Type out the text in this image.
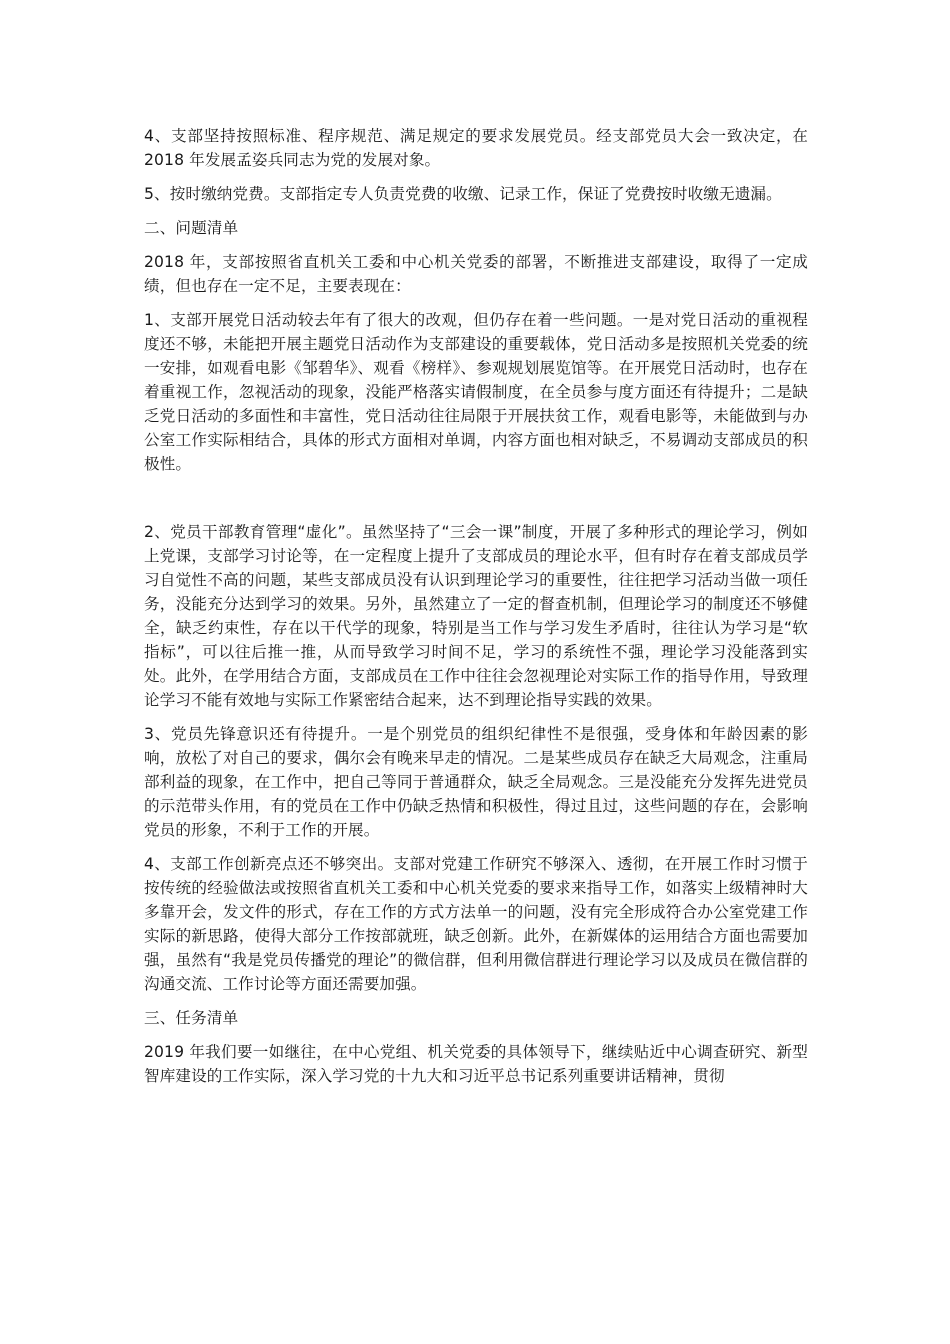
4、支部坚持按照标准、程序规范、满足规定的要求发展党员。经支部党员大会一致决定，在 2018 年发展孟姿兵同志为党的发展对象。

5、按时缴纳党费。支部指定专人负责党费的收缴、记录工作，保证了党费按时收缴无遗漏。

二、问题清单

2018 年，支部按照省直机关工委和中心机关党委的部署，不断推进支部建设，取得了一定成绩，但也存在一定不足，主要表现在：

1、支部开展党日活动较去年有了很大的改观，但仍存在着一些问题。一是对党日活动的重视程度还不够，未能把开展主题党日活动作为支部建设的重要载体，党日活动多是按照机关党委的统一安排，如观看电影《邹碧华》、观看《榜样》、参观规划展览馆等。在开展党日活动时，也存在着重视工作，忽视活动的现象，没能严格落实请假制度，在全员参与度方面还有待提升；二是缺乏党日活动的多面性和丰富性，党日活动往往局限于开展扶贫工作，观看电影等，未能做到与办公室工作实际相结合，具体的形式方面相对单调，内容方面也相对缺乏，不易调动支部成员的积极性。

2、党员干部教育管理“虚化”。虽然坚持了“三会一课”制度，开展了多种形式的理论学习，例如上党课，支部学习讨论等，在一定程度上提升了支部成员的理论水平，但有时存在着支部成员学习自觉性不高的问题，某些支部成员没有认识到理论学习的重要性，往往把学习活动当做一项任务，没能充分达到学习的效果。另外，虽然建立了一定的督查机制，但理论学习的制度还不够健全，缺乏约束性，存在以干代学的现象，特别是当工作与学习发生矛盾时，往往认为学习是“软指标”，可以往后推一推，从而导致学习时间不足，学习的系统性不强，理论学习没能落到实处。此外，在学用结合方面，支部成员在工作中往往会忽视理论对实际工作的指导作用，导致理论学习不能有效地与实际工作紧密结合起来，达不到理论指导实践的效果。

3、党员先锋意识还有待提升。一是个别党员的组织纪律性不是很强，受身体和年龄因素的影响，放松了对自己的要求，偶尔会有晚来早走的情况。二是某些成员存在缺乏大局观念，注重局部利益的现象，在工作中，把自己等同于普通群众，缺乏全局观念。三是没能充分发挥先进党员的示范带头作用，有的党员在工作中仍缺乏热情和积极性，得过且过，这些问题的存在，会影响党员的形象，不利于工作的开展。

4、支部工作创新亮点还不够突出。支部对党建工作研究不够深入、透彻，在开展工作时习惯于按传统的经验做法或按照省直机关工委和中心机关党委的要求来指导工作，如落实上级精神时大多靠开会，发文件的形式，存在工作的方式方法单一的问题，没有完全形成符合办公室党建工作实际的新思路，使得大部分工作按部就班，缺乏创新。此外，在新媒体的运用结合方面也需要加强，虽然有“我是党员传播党的理论”的微信群，但利用微信群进行理论学习以及成员在微信群的沟通交流、工作讨论等方面还需要加强。

三、任务清单

2019 年我们要一如继往，在中心党组、机关党委的具体领导下，继续贴近中心调查研究、新型智库建设的工作实际，深入学习党的十九大和习近平总书记系列重要讲话精神，贯彻
